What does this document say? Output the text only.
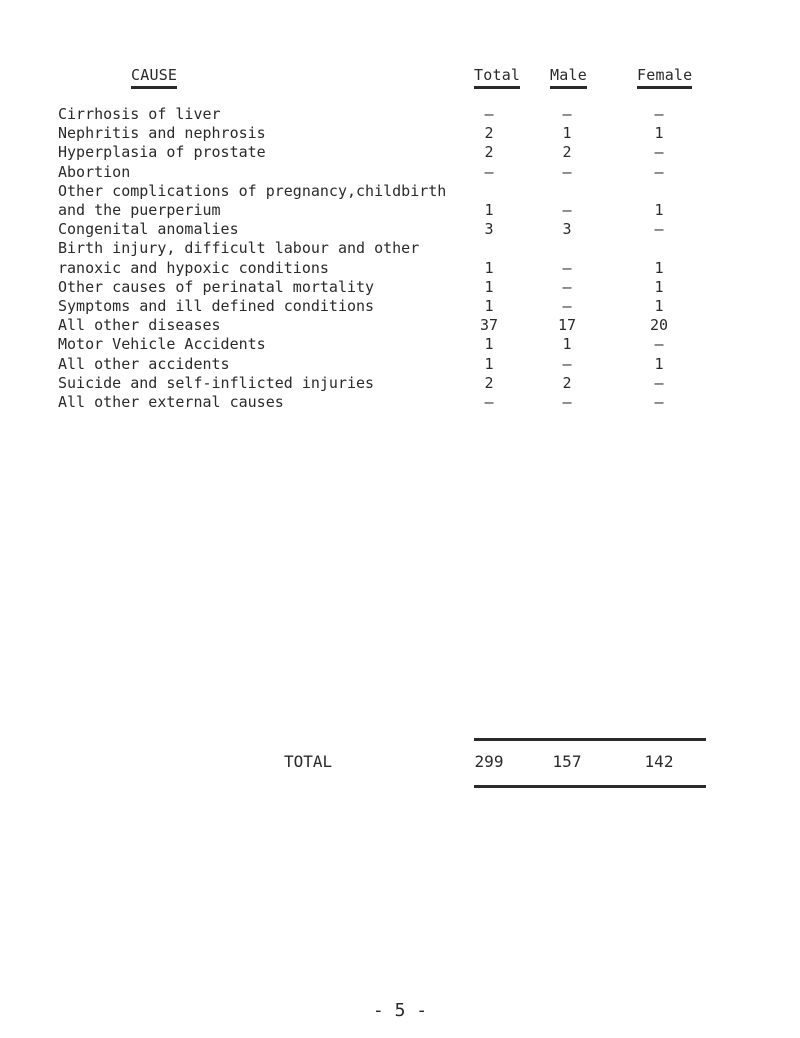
CAUSE	Total Male	Female
Cirrhosis of liver	–	–	–
Nephritis and nephrosis	2	1	1
Hyperplasia of prostate	2	2	–
Abortion	–	–	–
Other complications of pregnancy,childbirth
and the puerperium	1	–	1
Congenital anomalies	3	3	–
Birth injury, difficult labour and other
ranoxic and hypoxic conditions	1	–	1
Other causes of perinatal mortality	1	–	1
Symptoms and ill defined conditions	1	–	1
All other diseases	37	17	20
Motor Vehicle Accidents	1	1	–
All other accidents	1	–	1
Suicide and self-inflicted injuries	2	2	–
All other external causes	–	–	–
TOTAL	299	157	142
- 5 -
